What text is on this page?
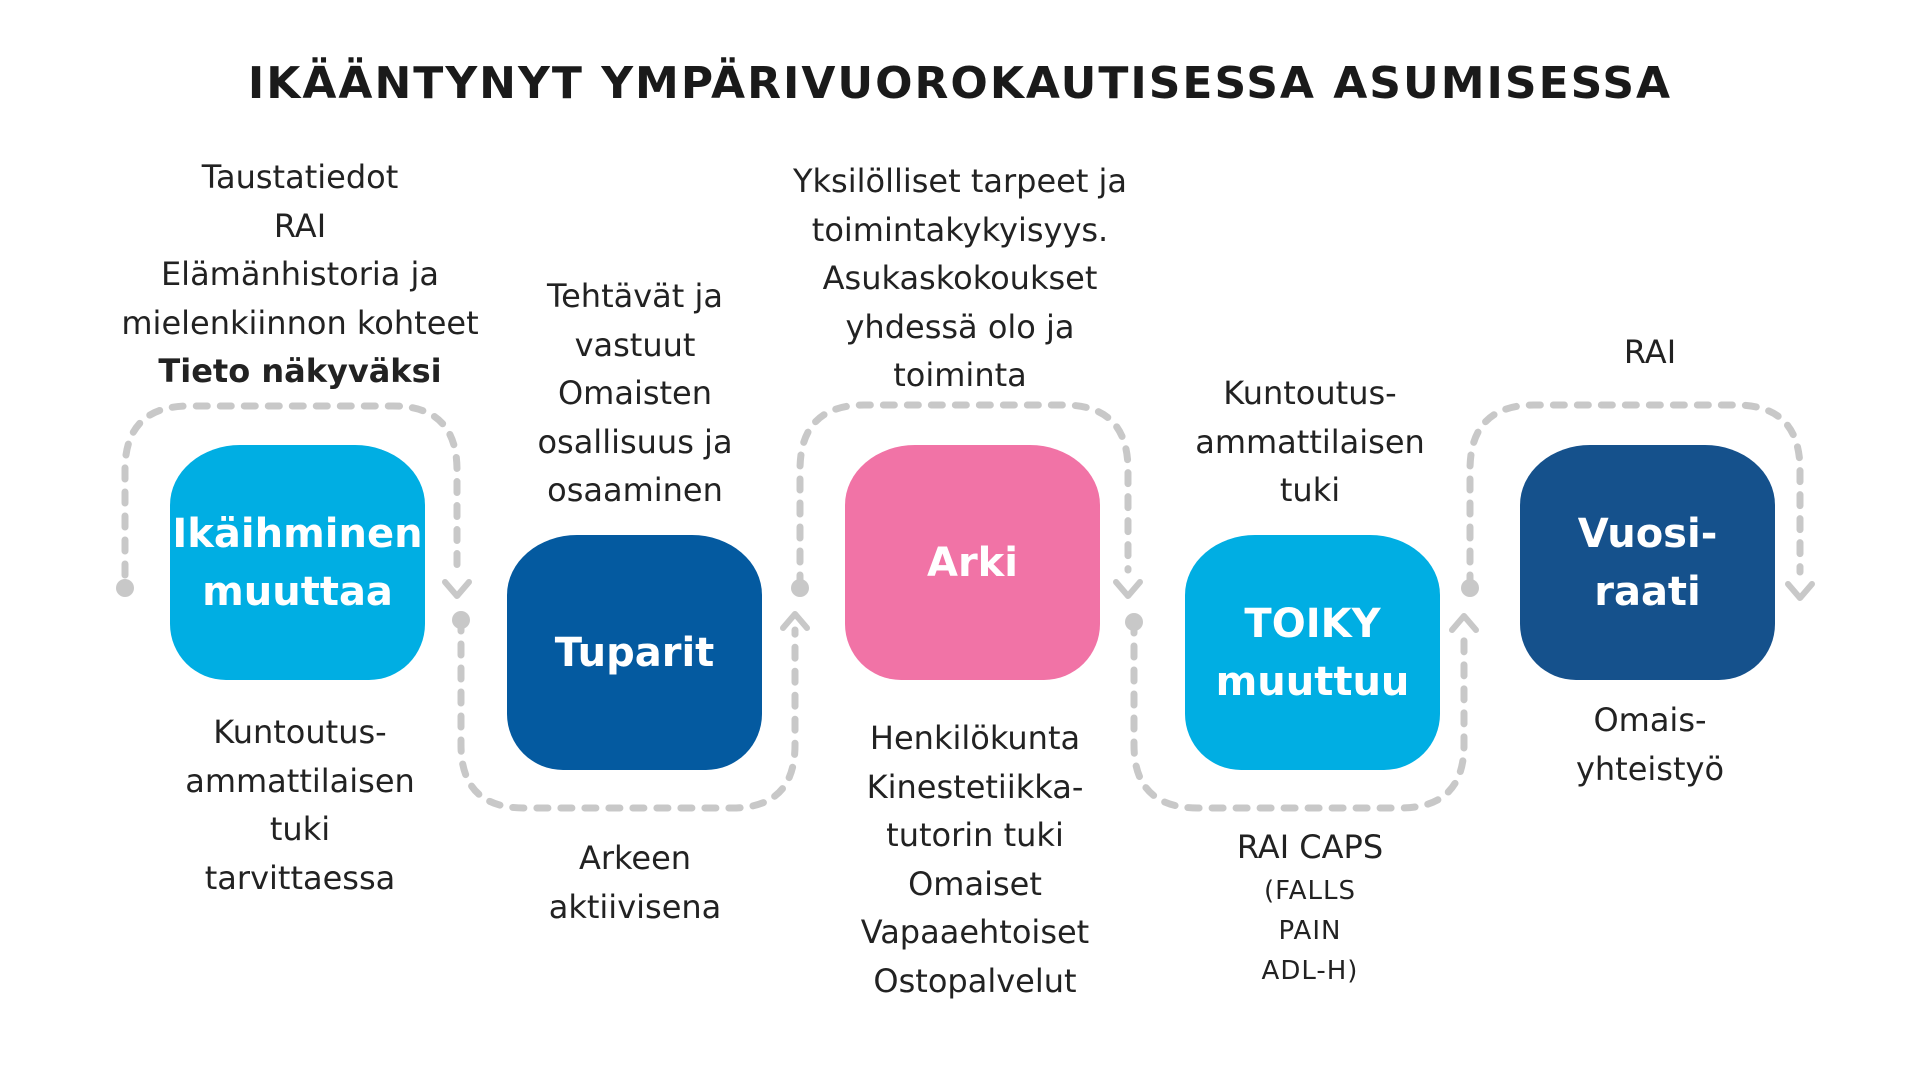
IKÄÄNTYNYT YMPÄRIVUOROKAUTISESSA ASUMISESSA
Taustatiedot
RAI
Elämänhistoria ja
mielenkiinnon kohteet
Tieto näkyväksi
Ikäihminen
muuttaa
Kuntoutus-
ammattilaisen
tuki
tarvittaessa
Tehtävät ja
vastuut
Omaisten
osallisuus ja
osaaminen
Tuparit
Arkeen
aktiivisena
Yksilölliset tarpeet ja
toimintakykyisyys.
Asukaskokoukset
yhdessä olo ja
toiminta
Arki
Henkilökunta
Kinestetiikka-
tutorin tuki
Omaiset
Vapaaehtoiset
Ostopalvelut
Kuntoutus-
ammattilaisen
tuki
TOIKY
muuttuu
RAI CAPS
(FALLS
PAIN
ADL-H)
RAI
Vuosi-
raati
Omais-
yhteistyö
